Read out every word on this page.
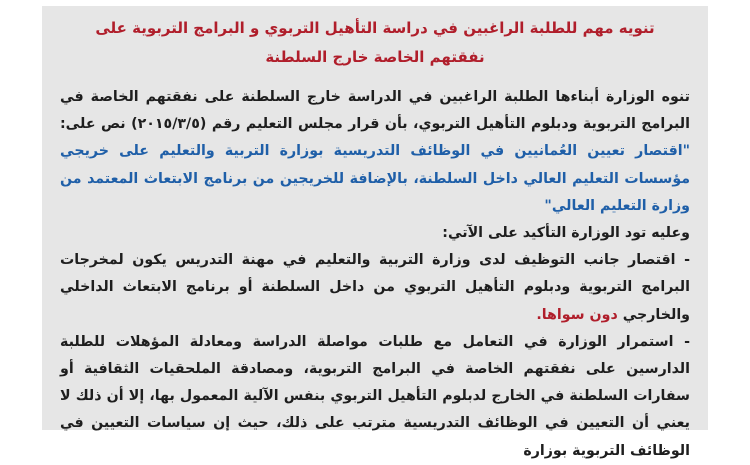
تنويه مهم للطلبة الراغبين في دراسة التأهيل التربوي و البرامج التربوية على
نفقتهم الخاصة خارج السلطنة

تنوه الوزارة أبناءها الطلبة الراغبين في الدراسة خارج السلطنة على نفقتهم الخاصة في البرامج التربوية ودبلوم التأهيل التربوي، بأن قرار مجلس التعليم رقم (٢٠١٥/٣/٥) نص على: "اقتصار تعيين العُمانيين في الوظائف التدريسية بوزارة التربية والتعليم على خريجي مؤسسات التعليم العالي داخل السلطنة، بالإضافة للخريجين من برنامج الابتعاث المعتمد من وزارة التعليم العالي"

وعليه تود الوزارة التأكيد على الآتي:

- اقتصار جانب التوظيف لدى وزارة التربية والتعليم في مهنة التدريس يكون لمخرجات البرامج التربوية ودبلوم التأهيل التربوي من داخل السلطنة أو برنامج الابتعاث الداخلي والخارجي دون سواها.

- استمرار الوزارة في التعامل مع طلبات مواصلة الدراسة ومعادلة المؤهلات للطلبة الدارسين على نفقتهم الخاصة في البرامج التربوية، ومصادقة الملحقيات الثقافية أو سفارات السلطنة في الخارج لدبلوم التأهيل التربوي بنفس الآلية المعمول بها، إلا أن ذلك لا يعني أن التعيين في الوظائف التدريسية مترتب على ذلك، حيث إن سياسات التعيين في الوظائف التربوية بوزارة
